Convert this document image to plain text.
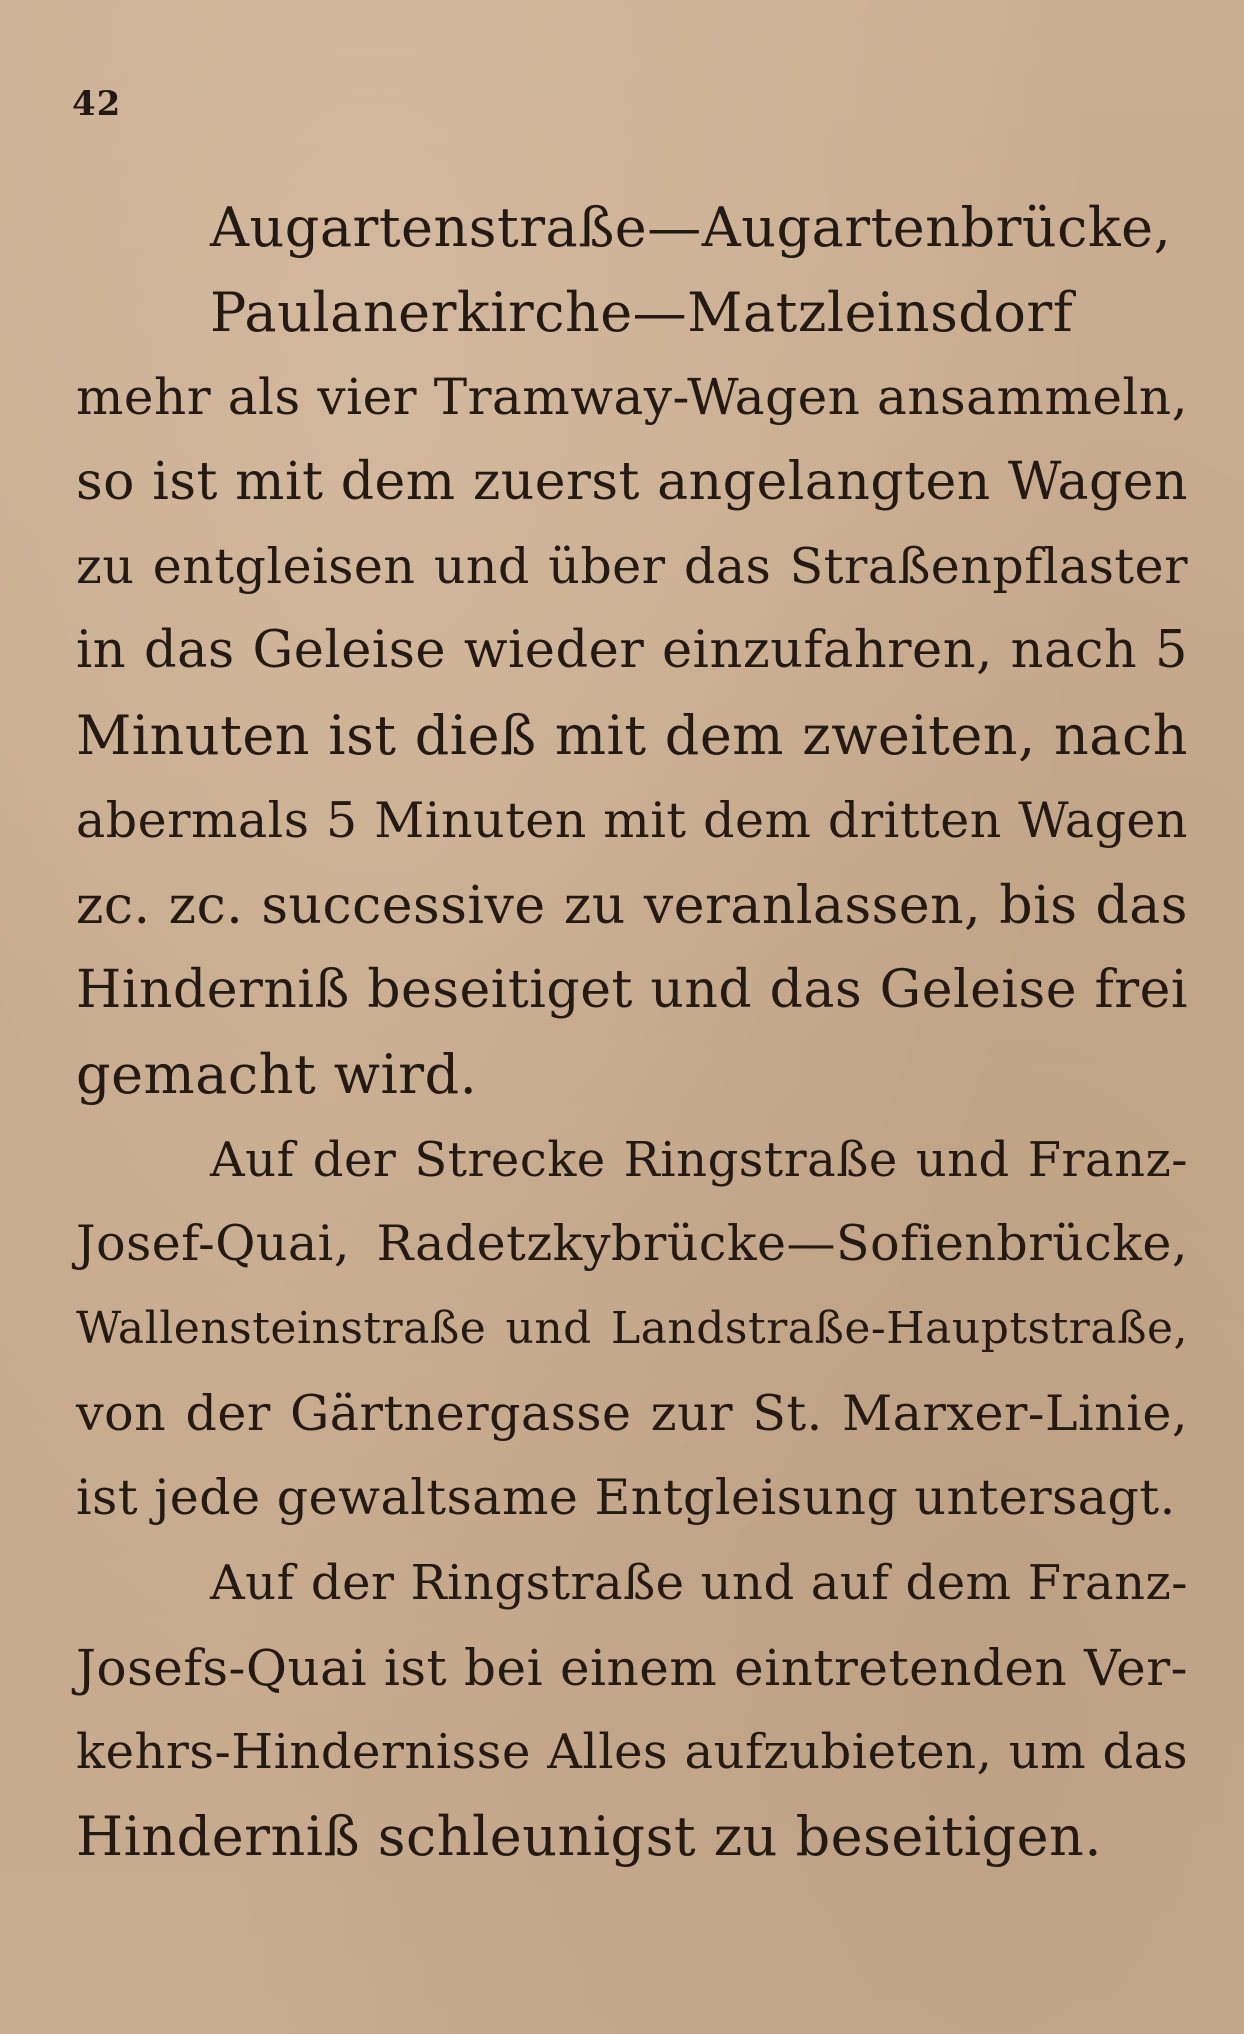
42
Augartenstraße—Augartenbrücke,
Paulanerkirche—Matzleinsdorf
mehr als vier Tramway-Wagen ansammeln,
so ist mit dem zuerst angelangten Wagen
zu entgleisen und über das Straßenpflaster
in das Geleise wieder einzufahren, nach 5
Minuten ist dieß mit dem zweiten, nach
abermals 5 Minuten mit dem dritten Wagen
zc. zc. successive zu veranlassen, bis das
Hinderniß beseitiget und das Geleise frei
gemacht wird.
Auf der Strecke Ringstraße und Franz-
Josef-Quai, Radetzkybrücke—Sofienbrücke,
Wallensteinstraße und Landstraße-Hauptstraße,
von der Gärtnergasse zur St. Marxer-Linie,
ist jede gewaltsame Entgleisung untersagt.
Auf der Ringstraße und auf dem Franz-
Josefs-Quai ist bei einem eintretenden Ver-
kehrs-Hindernisse Alles aufzubieten, um das
Hinderniß schleunigst zu beseitigen.
